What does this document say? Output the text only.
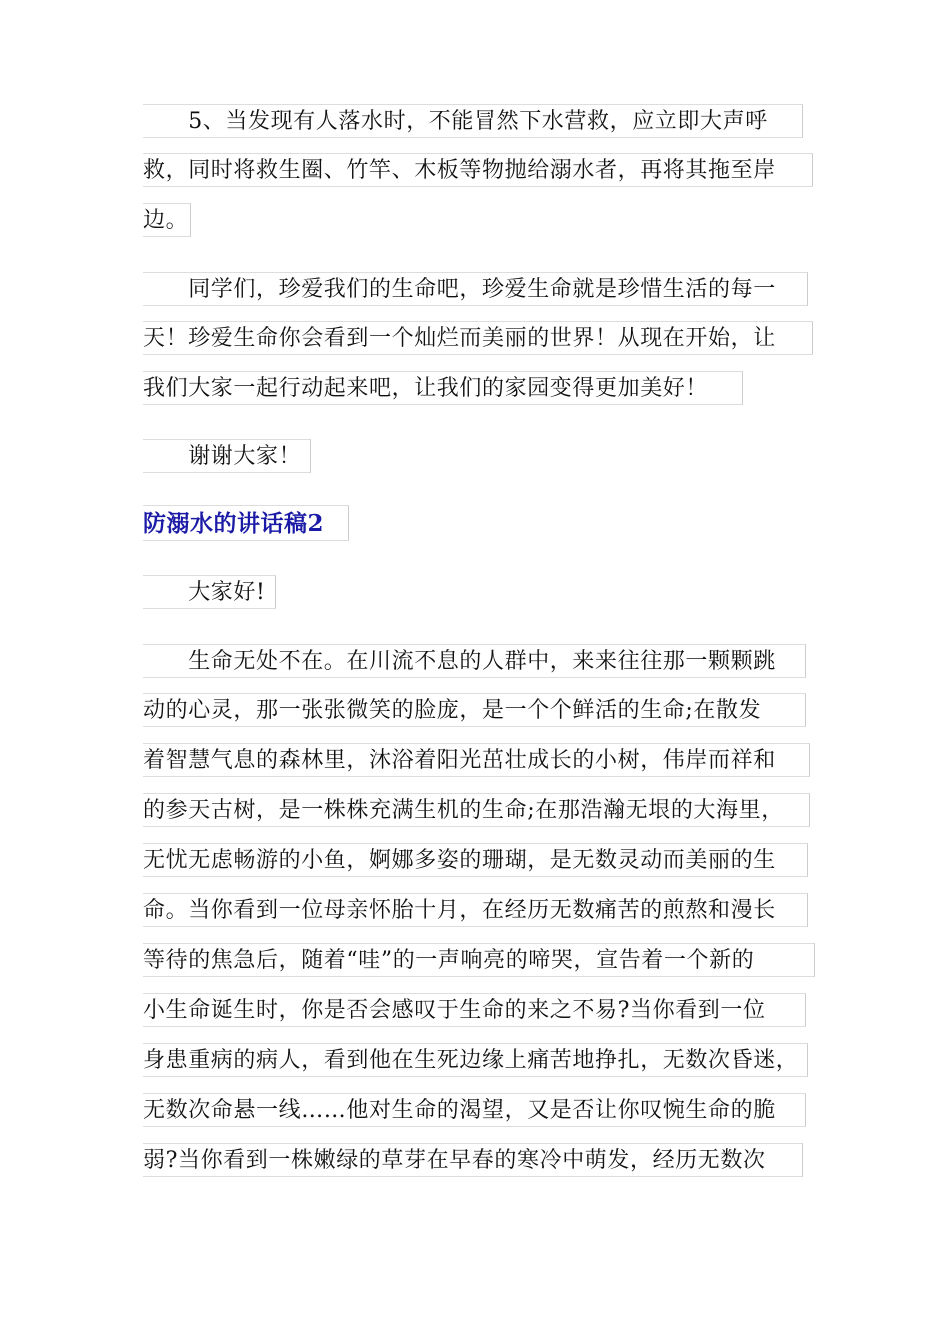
　　5、当发现有人落水时，不能冒然下水营救，应立即大声呼
救，同时将救生圈、竹竿、木板等物抛给溺水者，再将其拖至岸
边。
　　同学们，珍爱我们的生命吧，珍爱生命就是珍惜生活的每一
天！珍爱生命你会看到一个灿烂而美丽的世界！从现在开始，让
我们大家一起行动起来吧，让我们的家园变得更加美好！
　　谢谢大家！
防溺水的讲话稿2
　　大家好!
　　生命无处不在。在川流不息的人群中，来来往往那一颗颗跳
动的心灵，那一张张微笑的脸庞，是一个个鲜活的生命;在散发
着智慧气息的森林里，沐浴着阳光茁壮成长的小树，伟岸而祥和
的参天古树，是一株株充满生机的生命;在那浩瀚无垠的大海里，
无忧无虑畅游的小鱼，婀娜多姿的珊瑚，是无数灵动而美丽的生
命。当你看到一位母亲怀胎十月，在经历无数痛苦的煎熬和漫长
等待的焦急后，随着“哇”的一声响亮的啼哭，宣告着一个新的
小生命诞生时，你是否会感叹于生命的来之不易?当你看到一位
身患重病的病人，看到他在生死边缘上痛苦地挣扎，无数次昏迷，
无数次命悬一线……他对生命的渴望，又是否让你叹惋生命的脆
弱?当你看到一株嫩绿的草芽在早春的寒冷中萌发，经历无数次
